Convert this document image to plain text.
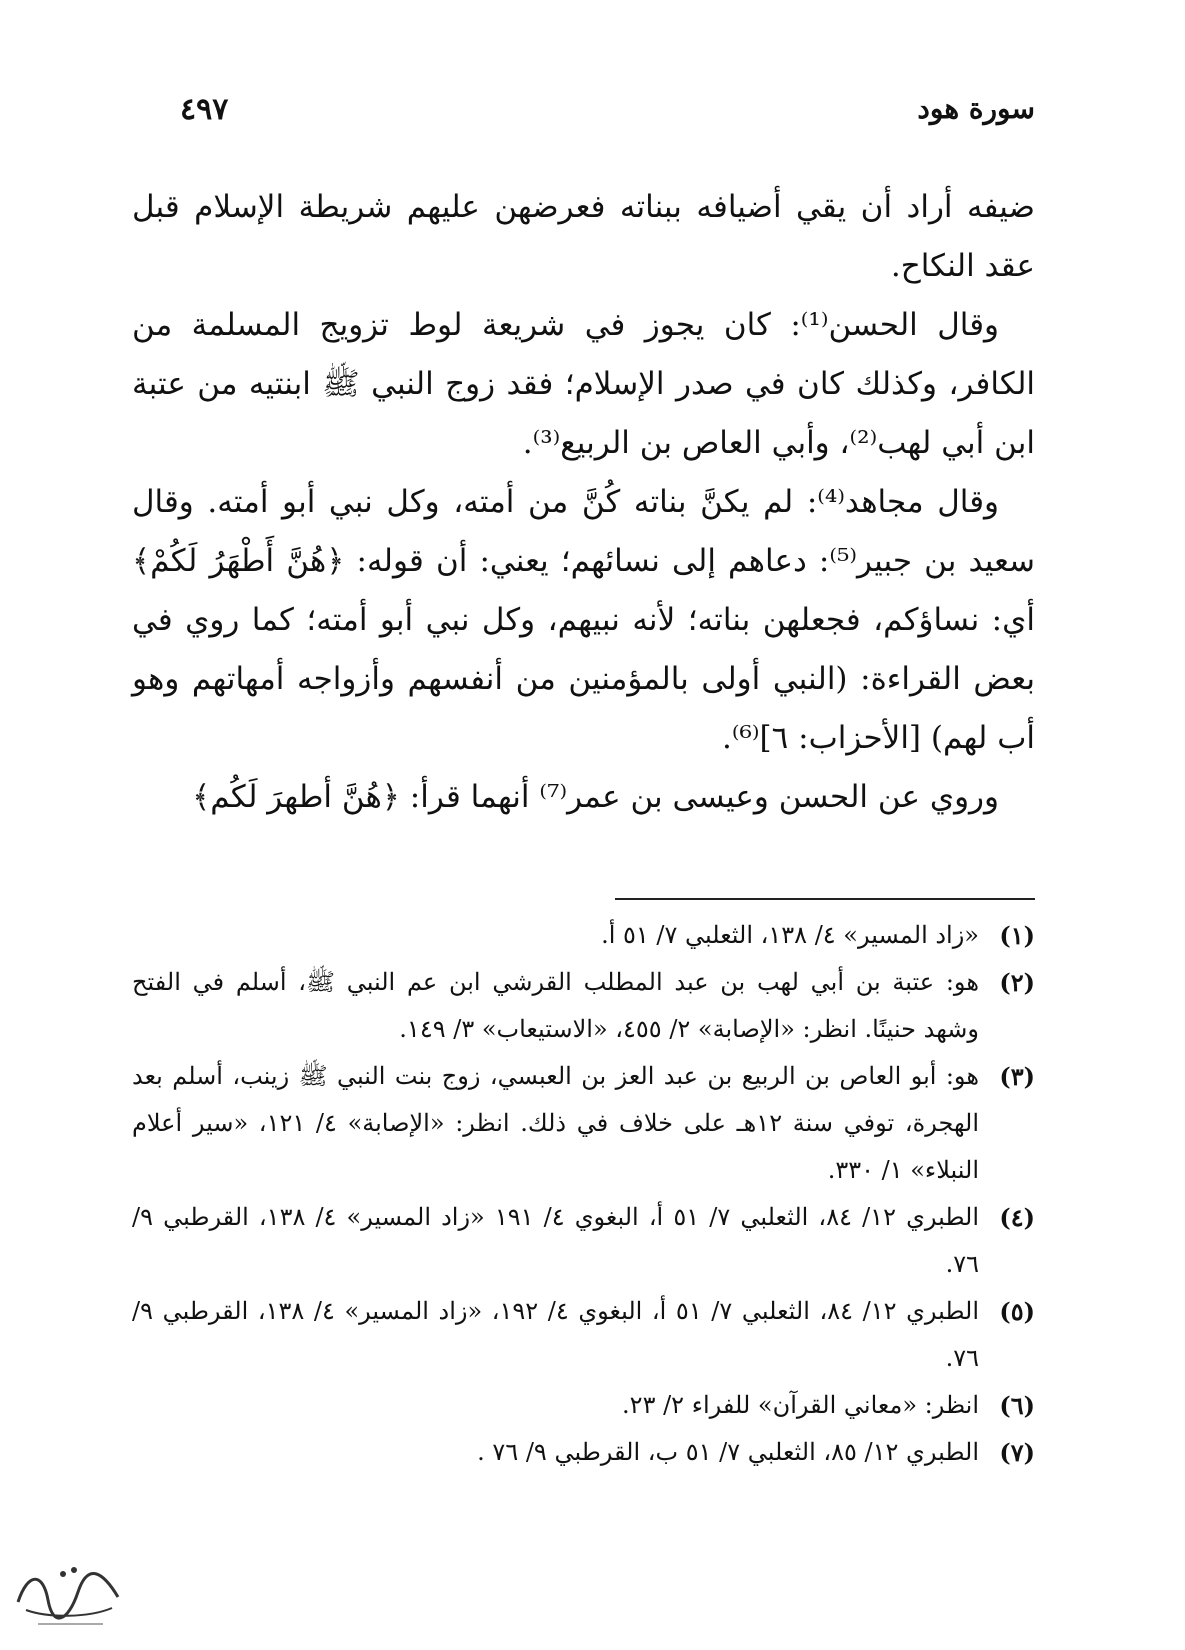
سورة هود
٤٩٧

ضيفه أراد أن يقي أضيافه ببناته فعرضهن عليهم شريطة الإسلام قبل عقد النكاح.

وقال الحسن⁽¹⁾: كان يجوز في شريعة لوط تزويج المسلمة من الكافر، وكذلك كان في صدر الإسلام؛ فقد زوج النبي ﷺ ابنتيه من عتبة ابن أبي لهب⁽²⁾، وأبي العاص بن الربيع⁽³⁾.

وقال مجاهد⁽⁴⁾: لم يكنَّ بناته كُنَّ من أمته، وكل نبي أبو أمته. وقال سعيد بن جبير⁽⁵⁾: دعاهم إلى نسائهم؛ يعني: أن قوله: ﴿هُنَّ أَطْهَرُ لَكُمْ﴾ أي: نساؤكم، فجعلهن بناته؛ لأنه نبيهم، وكل نبي أبو أمته؛ كما روي في بعض القراءة: (النبي أولى بالمؤمنين من أنفسهم وأزواجه أمهاتهم وهو أب لهم) [الأحزاب: ٦]⁽⁶⁾.

وروي عن الحسن وعيسى بن عمر⁽⁷⁾ أنهما قرأ: ﴿هُنَّ أطهرَ لَكُم﴾

(١)
«زاد المسير» ٤/ ١٣٨، الثعلبي ٧/ ٥١ أ.
(٢)
هو: عتبة بن أبي لهب بن عبد المطلب القرشي ابن عم النبي ﷺ، أسلم في الفتح وشهد حنينًا. انظر: «الإصابة» ٢/ ٤٥٥، «الاستيعاب» ٣/ ١٤٩.
(٣)
هو: أبو العاص بن الربيع بن عبد العز بن العبسي، زوج بنت النبي ﷺ زينب، أسلم بعد الهجرة، توفي سنة ١٢هـ على خلاف في ذلك. انظر: «الإصابة» ٤/ ١٢١، «سير أعلام النبلاء» ١/ ٣٣٠.
(٤)
الطبري ١٢/ ٨٤، الثعلبي ٧/ ٥١ أ، البغوي ٤/ ١٩١ «زاد المسير» ٤/ ١٣٨، القرطبي ٩/ ٧٦.
(٥)
الطبري ١٢/ ٨٤، الثعلبي ٧/ ٥١ أ، البغوي ٤/ ١٩٢، «زاد المسير» ٤/ ١٣٨، القرطبي ٩/ ٧٦.
(٦)
انظر: «معاني القرآن» للفراء ٢/ ٢٣.
(٧)
الطبري ١٢/ ٨٥، الثعلبي ٧/ ٥١ ب، القرطبي ٩/ ٧٦ .
